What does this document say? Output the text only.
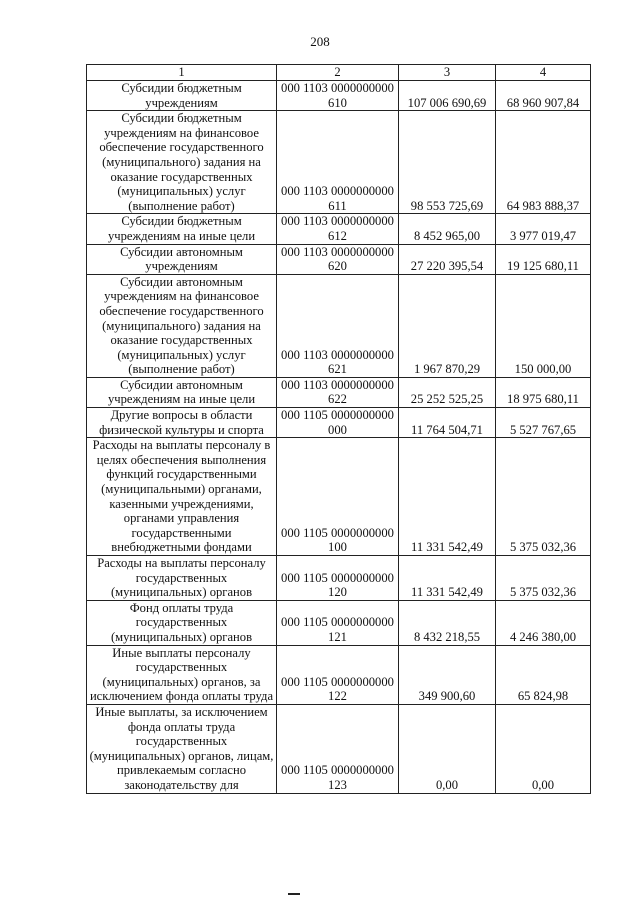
208
1	2	3	4
Субсидии бюджетным учреждениям	000 1103 0000000000 610	107 006 690,69	68 960 907,84
Субсидии бюджетным учреждениям на финансовое обеспечение государственного (муниципального) задания на оказание государственных (муниципальных) услуг (выполнение работ)	000 1103 0000000000 611	98 553 725,69	64 983 888,37
Субсидии бюджетным учреждениям на иные цели	000 1103 0000000000 612	8 452 965,00	3 977 019,47
Субсидии автономным учреждениям	000 1103 0000000000 620	27 220 395,54	19 125 680,11
Субсидии автономным учреждениям на финансовое обеспечение государственного (муниципального) задания на оказание государственных (муниципальных) услуг (выполнение работ)	000 1103 0000000000 621	1 967 870,29	150 000,00
Субсидии автономным учреждениям на иные цели	000 1103 0000000000 622	25 252 525,25	18 975 680,11
Другие вопросы в области физической культуры и спорта	000 1105 0000000000 000	11 764 504,71	5 527 767,65
Расходы на выплаты персоналу в целях обеспечения выполнения функций государственными (муниципальными) органами, казенными учреждениями, органами управления государственными внебюджетными фондами	000 1105 0000000000 100	11 331 542,49	5 375 032,36
Расходы на выплаты персоналу государственных (муниципальных) органов	000 1105 0000000000 120	11 331 542,49	5 375 032,36
Фонд оплаты труда государственных (муниципальных) органов	000 1105 0000000000 121	8 432 218,55	4 246 380,00
Иные выплаты персоналу государственных (муниципальных) органов, за исключением фонда оплаты труда	000 1105 0000000000 122	349 900,60	65 824,98
Иные выплаты, за исключением фонда оплаты труда государственных (муниципальных) органов, лицам, привлекаемым согласно законодательству для	000 1105 0000000000 123	0,00	0,00
